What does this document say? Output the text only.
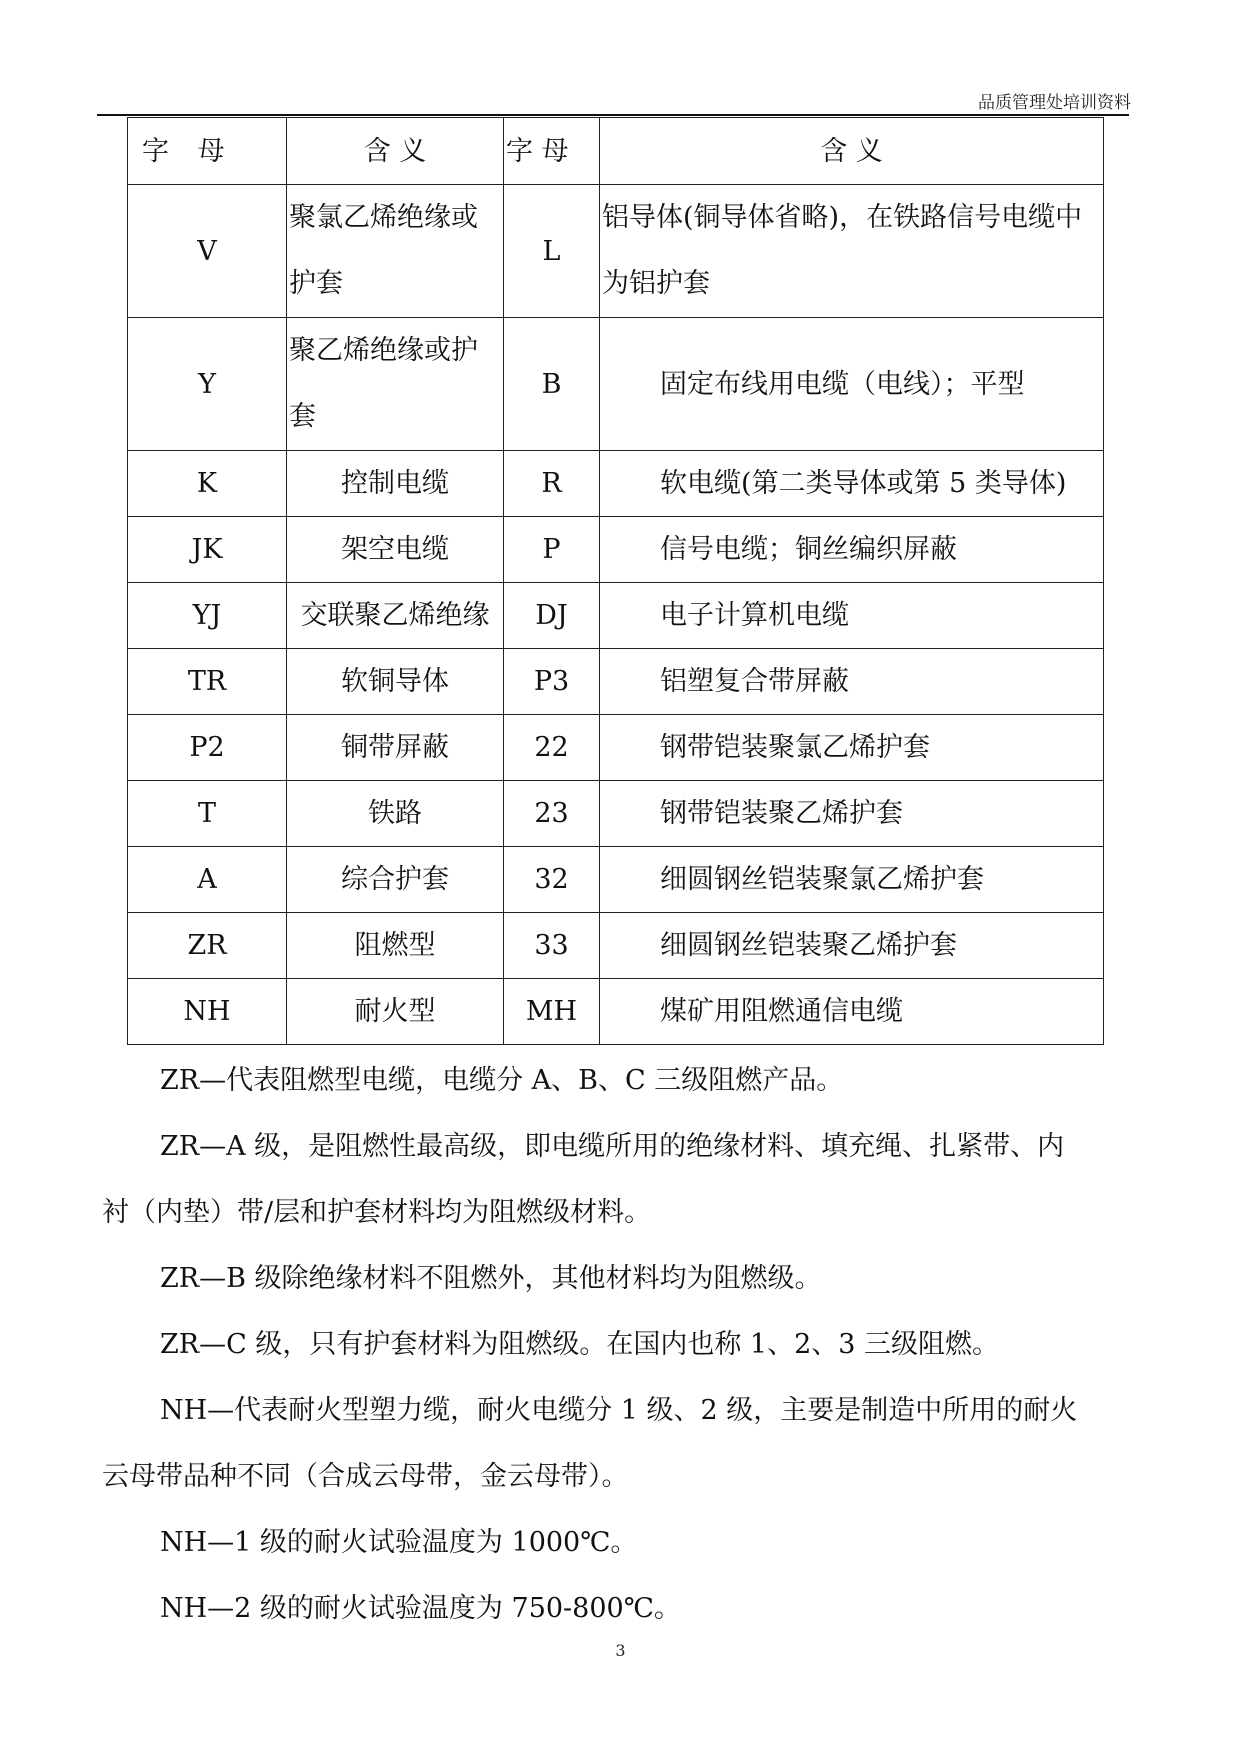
品质管理处培训资料
字 母	含 义	字 母	含 义
V	聚氯乙烯绝缘或护套	L	铝导体(铜导体省略)，在铁路信号电缆中为铝护套
Y	聚乙烯绝缘或护套	B	固定布线用电缆（电线）；平型
K	控制电缆	R	软电缆(第二类导体或第 5 类导体)
JK	架空电缆	P	信号电缆；铜丝编织屏蔽
YJ	交联聚乙烯绝缘	DJ	电子计算机电缆
TR	软铜导体	P3	铝塑复合带屏蔽
P2	铜带屏蔽	22	钢带铠装聚氯乙烯护套
T	铁路	23	钢带铠装聚乙烯护套
A	综合护套	32	细圆钢丝铠装聚氯乙烯护套
ZR	阻燃型	33	细圆钢丝铠装聚乙烯护套
NH	耐火型	MH	煤矿用阻燃通信电缆
ZR—代表阻燃型电缆，电缆分 A、B、C 三级阻燃产品。
ZR—A 级，是阻燃性最高级，即电缆所用的绝缘材料、填充绳、扎紧带、内
衬（内垫）带/层和护套材料均为阻燃级材料。
ZR—B 级除绝缘材料不阻燃外，其他材料均为阻燃级。
ZR—C 级，只有护套材料为阻燃级。在国内也称 1、2、3 三级阻燃。
NH—代表耐火型塑力缆，耐火电缆分 1 级、2 级，主要是制造中所用的耐火
云母带品种不同（合成云母带，金云母带）。
NH—1 级的耐火试验温度为 1000℃。
NH—2 级的耐火试验温度为 750-800℃。
3
